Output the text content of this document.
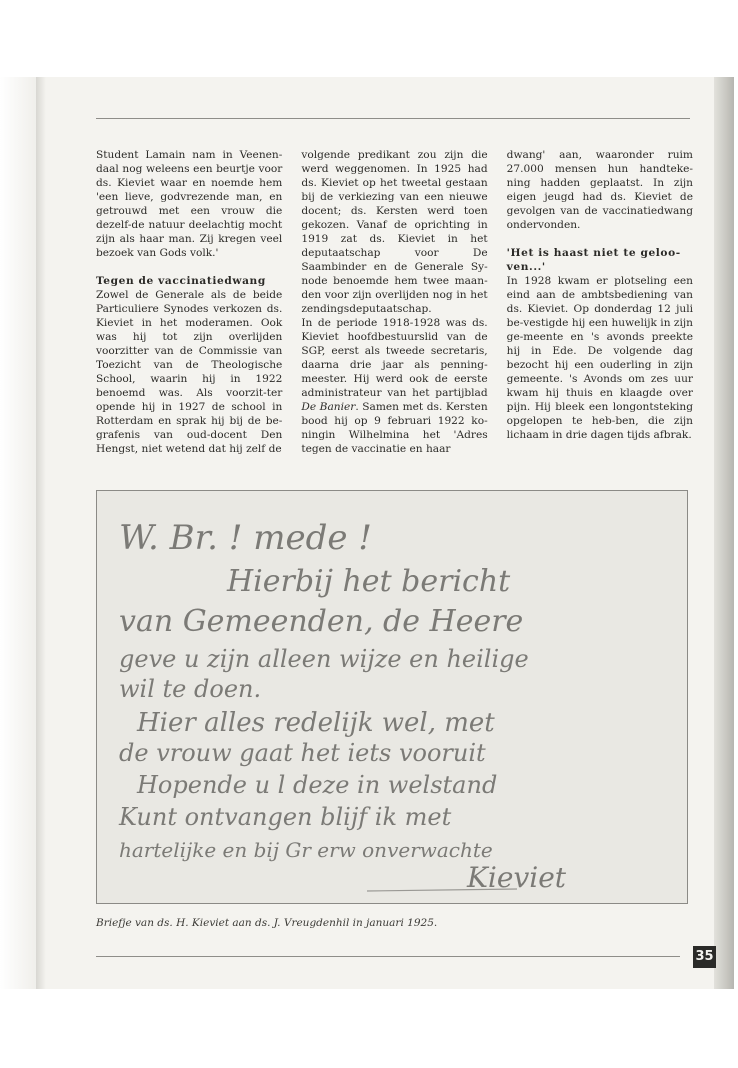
Student Lamain nam in Veenen-daal nog weleens een beurtje voor ds. Kieviet waar en noemde hem 'een lieve, godvrezende man, en getrouwd met een vrouw die dezelf-de natuur deelachtig mocht zijn als haar man. Zij kregen veel bezoek van Gods volk.'

Tegen de vaccinatiedwang

Zowel de Generale als de beide Particuliere Synodes verkozen ds. Kieviet in het moderamen. Ook was hij tot zijn overlijden voorzitter van de Commissie van Toezicht van de Theologische School, waarin hij in 1922 benoemd was. Als voorzit-ter opende hij in 1927 de school in Rotterdam en sprak hij bij de be-grafenis van oud-docent Den Hengst, niet wetend dat hij zelf de

volgende predikant zou zijn die werd weggenomen. In 1925 had ds. Kieviet op het tweetal gestaan bij de verkiezing van een nieuwe docent; ds. Kersten werd toen gekozen. Vanaf de oprichting in 1919 zat ds. Kieviet in het deputaatschap voor De Saambinder en de Generale Sy-node benoemde hem twee maan-den voor zijn overlijden nog in het zendingsdeputaatschap.

In de periode 1918-1928 was ds. Kieviet hoofdbestuurslid van de SGP, eerst als tweede secretaris, daarna drie jaar als penning-meester. Hij werd ook de eerste administrateur van het partijblad De Banier. Samen met ds. Kersten bood hij op 9 februari 1922 ko-ningin Wilhelmina het 'Adres tegen de vaccinatie en haar

dwang' aan, waaronder ruim 27.000 mensen hun handteke-ning hadden geplaatst. In zijn eigen jeugd had ds. Kieviet de gevolgen van de vaccinatiedwang ondervonden.

'Het is haast niet te geloo-ven...'

In 1928 kwam er plotseling een eind aan de ambtsbediening van ds. Kieviet. Op donderdag 12 juli be-vestigde hij een huwelijk in zijn ge-meente en 's avonds preekte hij in Ede. De volgende dag bezocht hij een ouderling in zijn gemeente. 's Avonds om zes uur kwam hij thuis en klaagde over pijn. Hij bleek een longontsteking opgelopen te heb-ben, die zijn lichaam in drie dagen tijds afbrak.

W. Br. ! mede !
Hierbij het bericht
van Gemeenden, de Heere
geve u zijn alleen wijze en heilige
wil te doen.
Hier alles redelijk wel, met
de vrouw gaat het iets vooruit
Hopende u l deze in welstand
Kunt ontvangen blijf ik met
hartelijke en bij Gr erw onverwachte
Kieviet
Briefje van ds. H. Kieviet aan ds. J. Vreugdenhil in januari 1925.
35
